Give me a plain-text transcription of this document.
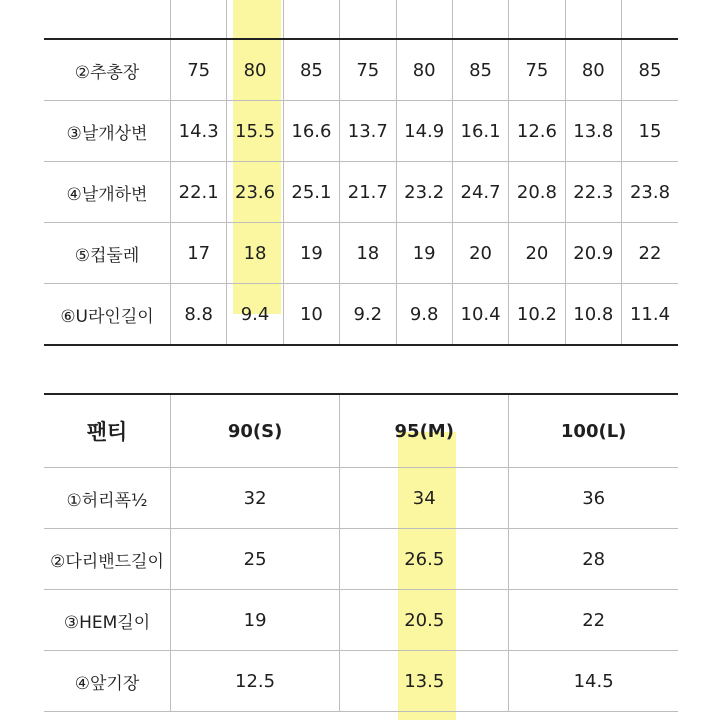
②추총장	75	80	85	75	80	85	75	80	85
③날개상변	14.3	15.5	16.6	13.7	14.9	16.1	12.6	13.8	15
④날개하변	22.1	23.6	25.1	21.7	23.2	24.7	20.8	22.3	23.8
⑤컵둘레	17	18	19	18	19	20	20	20.9	22
⑥U라인길이	8.8	9.4	10	9.2	9.8	10.4	10.2	10.8	11.4
팬티	90(S)	95(M)	100(L)
①허리폭½	32	34	36
②다리밴드길이	25	26.5	28
③HEM길이	19	20.5	22
④앞기장	12.5	13.5	14.5
